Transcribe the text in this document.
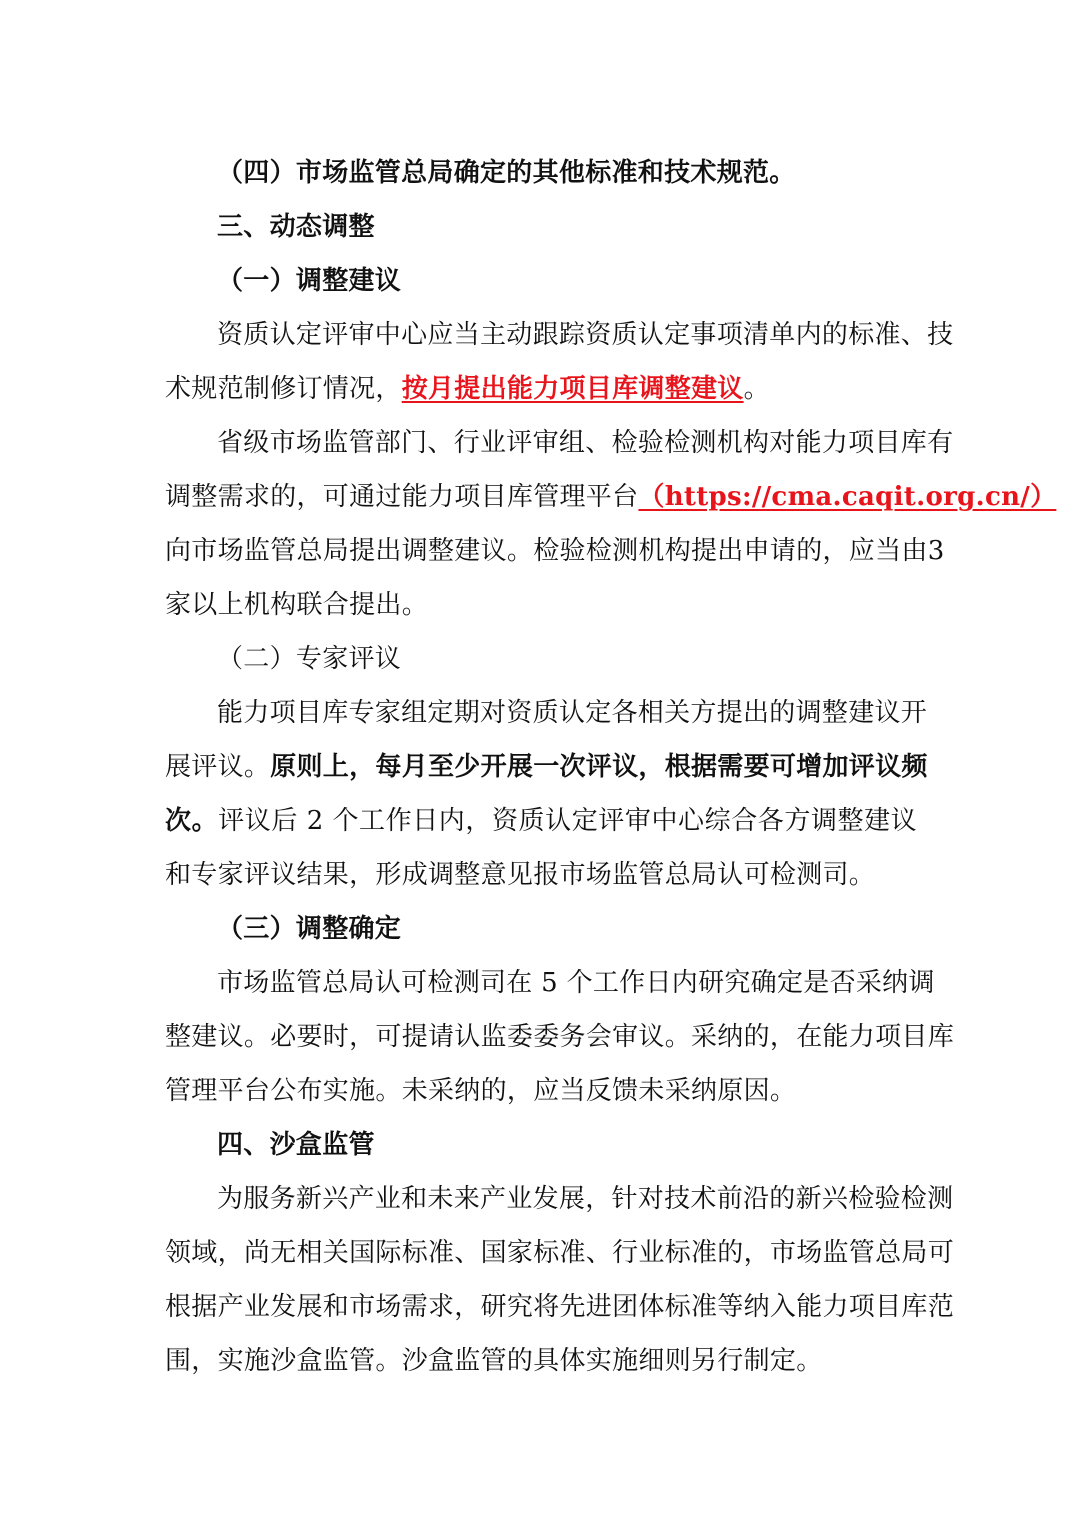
（四）市场监管总局确定的其他标准和技术规范。
三、动态调整
（一）调整建议
资质认定评审中心应当主动跟踪资质认定事项清单内的标准、技
术规范制修订情况，按月提出能力项目库调整建议。
省级市场监管部门、行业评审组、检验检测机构对能力项目库有
调整需求的，可通过能力项目库管理平台（https://cma.caqit.org.cn/）
向市场监管总局提出调整建议。检验检测机构提出申请的，应当由3
家以上机构联合提出。
（二）专家评议
能力项目库专家组定期对资质认定各相关方提出的调整建议开
展评议。原则上，每月至少开展一次评议，根据需要可增加评议频
次。评议后 2 个工作日内，资质认定评审中心综合各方调整建议
和专家评议结果，形成调整意见报市场监管总局认可检测司。
（三）调整确定
市场监管总局认可检测司在 5 个工作日内研究确定是否采纳调
整建议。必要时，可提请认监委委务会审议。采纳的，在能力项目库
管理平台公布实施。未采纳的，应当反馈未采纳原因。
四、沙盒监管
为服务新兴产业和未来产业发展，针对技术前沿的新兴检验检测
领域，尚无相关国际标准、国家标准、行业标准的，市场监管总局可
根据产业发展和市场需求，研究将先进团体标准等纳入能力项目库范
围，实施沙盒监管。沙盒监管的具体实施细则另行制定。
